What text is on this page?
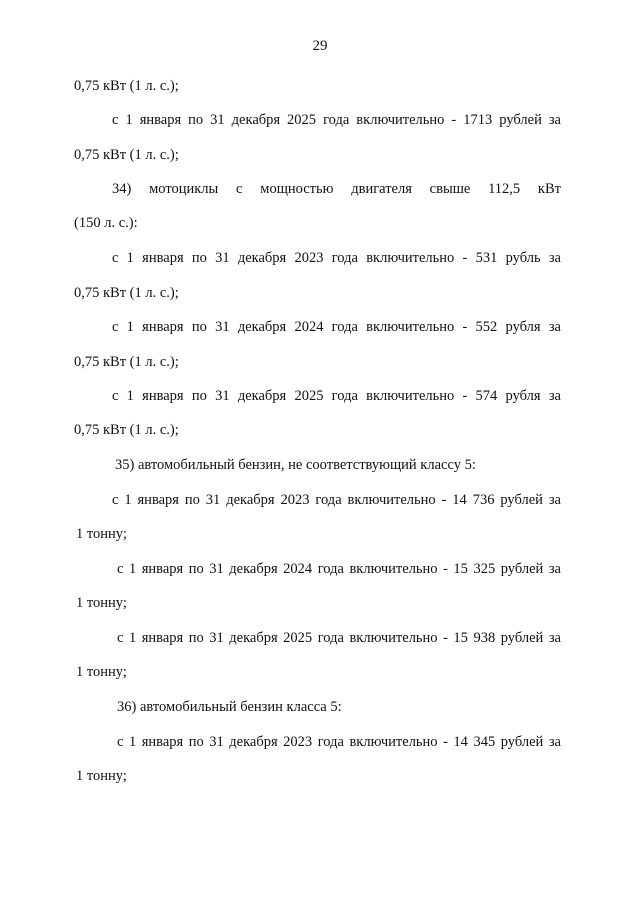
29
0,75 кВт (1 л. с.);
с 1 января по 31 декабря 2025 года включительно - 1713 рублей за
0,75 кВт (1 л. с.);
34) мотоциклы с мощностью двигателя свыше 112,5 кВт
(150 л. с.):
с 1 января по 31 декабря 2023 года включительно - 531 рубль за
0,75 кВт (1 л. с.);
с 1 января по 31 декабря 2024 года включительно - 552 рубля за
0,75 кВт (1 л. с.);
с 1 января по 31 декабря 2025 года включительно - 574 рубля за
0,75 кВт (1 л. с.);
35) автомобильный бензин, не соответствующий классу 5:
с 1 января по 31 декабря 2023 года включительно - 14 736 рублей за
1 тонну;
с 1 января по 31 декабря 2024 года включительно - 15 325 рублей за
1 тонну;
с 1 января по 31 декабря 2025 года включительно - 15 938 рублей за
1 тонну;
36) автомобильный бензин класса 5:
с 1 января по 31 декабря 2023 года включительно - 14 345 рублей за
1 тонну;
